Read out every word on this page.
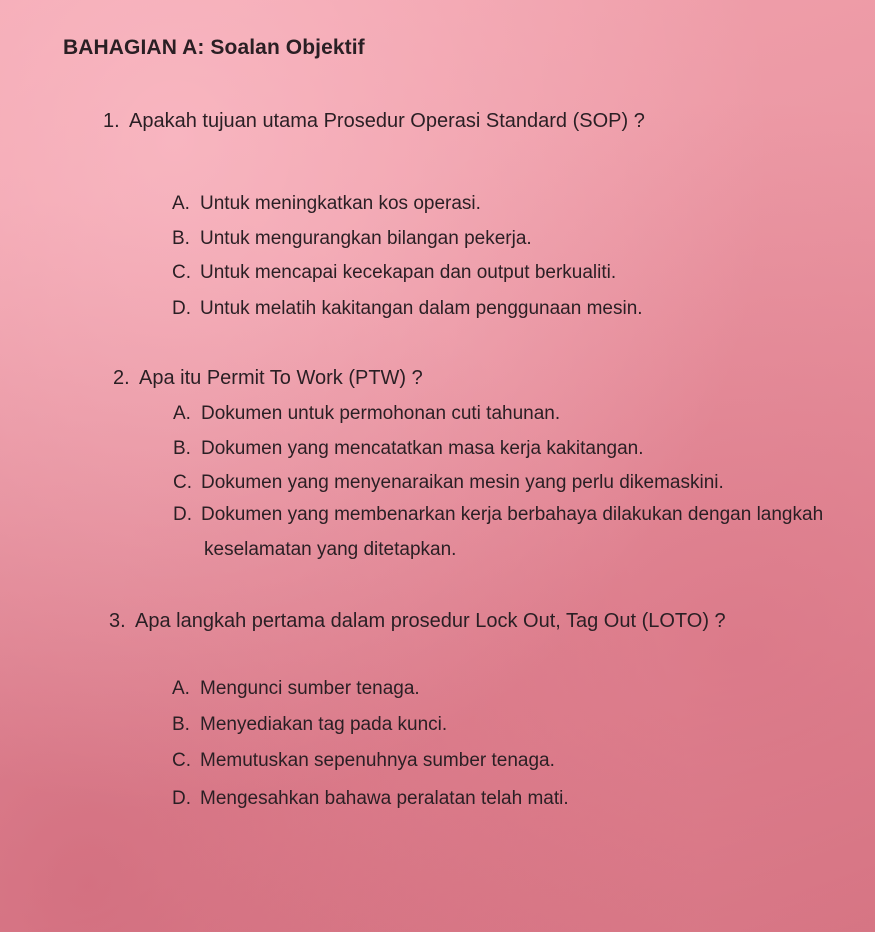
BAHAGIAN A: Soalan Objektif
1. Apakah tujuan utama Prosedur Operasi Standard (SOP) ?
A. Untuk meningkatkan kos operasi.
B. Untuk mengurangkan bilangan pekerja.
C. Untuk mencapai kecekapan dan output berkualiti.
D. Untuk melatih kakitangan dalam penggunaan mesin.
2. Apa itu Permit To Work (PTW) ?
A. Dokumen untuk permohonan cuti tahunan.
B. Dokumen yang mencatatkan masa kerja kakitangan.
C. Dokumen yang menyenaraikan mesin yang perlu dikemaskini.
D. Dokumen yang membenarkan kerja berbahaya dilakukan dengan langkah
keselamatan yang ditetapkan.
3. Apa langkah pertama dalam prosedur Lock Out, Tag Out (LOTO) ?
A. Mengunci sumber tenaga.
B. Menyediakan tag pada kunci.
C. Memutuskan sepenuhnya sumber tenaga.
D. Mengesahkan bahawa peralatan telah mati.
